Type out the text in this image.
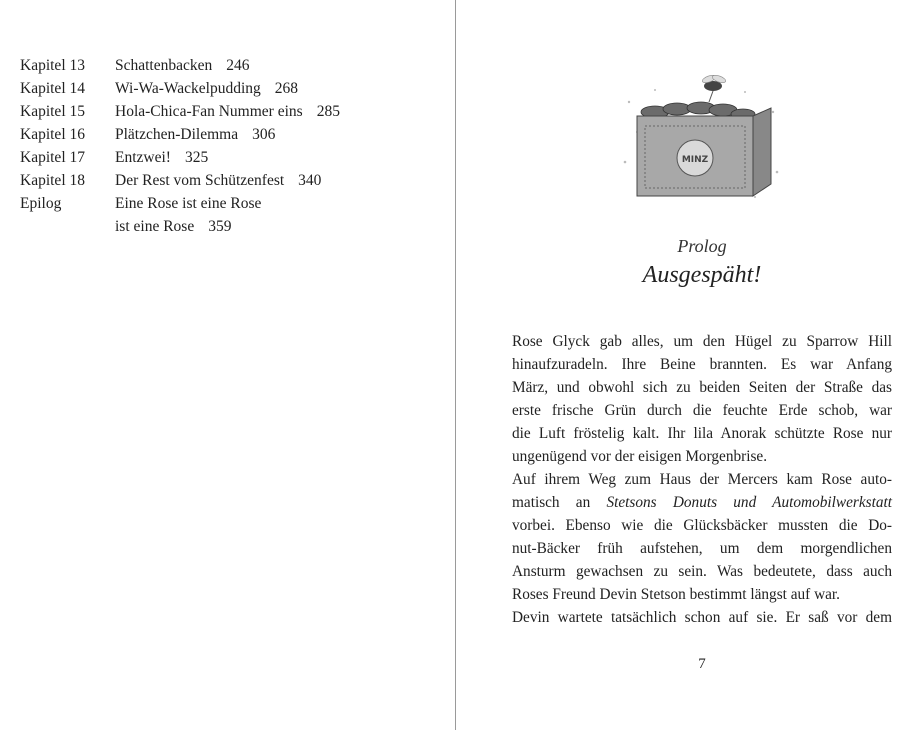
Kapitel 13	Schattenbacken 246
Kapitel 14	Wi-Wa-Wackelpudding 268
Kapitel 15	Hola-Chica-Fan Nummer eins 285
Kapitel 16	Plätzchen-Dilemma 306
Kapitel 17	Entzwei! 325
Kapitel 18	Der Rest vom Schützenfest 340
Epilog	Eine Rose ist eine Rose
ist eine Rose 359
MINZ
Prolog
Ausgespäht!
Rose Glyck gab alles, um den Hügel zu Sparrow Hill
hinaufzuradeln. Ihre Beine brannten. Es war Anfang
März, und obwohl sich zu beiden Seiten der Straße das
erste frische Grün durch die feuchte Erde schob, war
die Luft fröstelig kalt. Ihr lila Anorak schützte Rose nur
ungenügend vor der eisigen Morgenbrise.
Auf ihrem Weg zum Haus der Mercers kam Rose auto-
matisch an Stetsons Donuts und Automobilwerkstatt
vorbei. Ebenso wie die Glücksbäcker mussten die Do-
nut-Bäcker früh aufstehen, um dem morgendlichen
Ansturm gewachsen zu sein. Was bedeutete, dass auch
Roses Freund Devin Stetson bestimmt längst auf war.
Devin wartete tatsächlich schon auf sie. Er saß vor dem
7
